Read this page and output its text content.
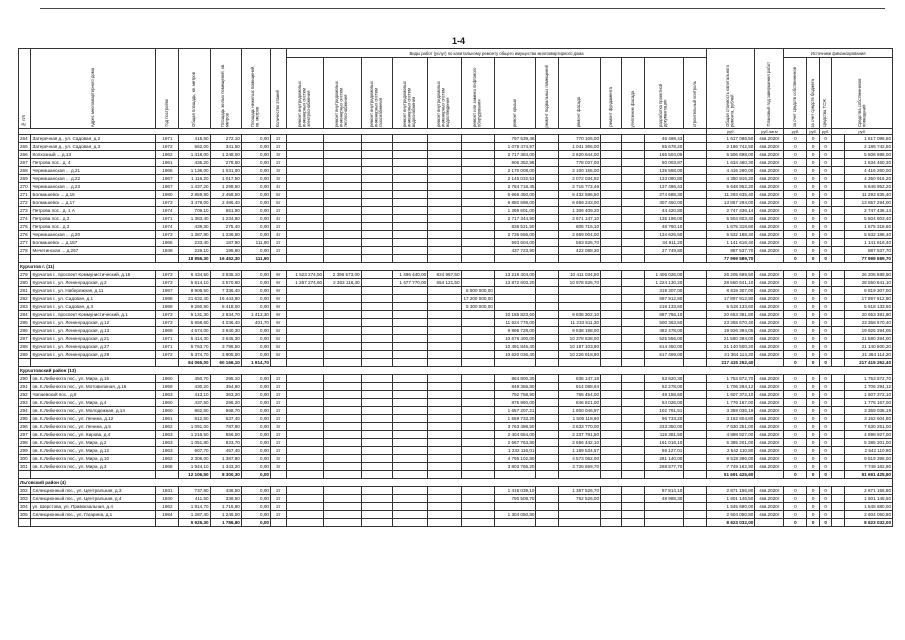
1-4
№ п/п	Адрес многоквартирного дома	Год постройки	Общая площадь, кв. метров	Площадь жилых помещений, кв. метров	Площадь нежилых помещений, кв. метров	Количество этажей	Виды работ (услуг) по капитальному ремонту общего имущества многоквартирного дома													Общая стоимость капитального ремонта, рублей	Плановый год завершения работ	Источники финансирования				
							ремонт внутридомовых инженерных систем электроснабжения	ремонт внутридомовых инженерных систем теплоснабжения	ремонт внутридомовых инженерных систем газоснабжения	ремонт внутридомовых инженерных систем водоснабжения	ремонт внутридомовых инженерных систем водоотведения	ремонт или замена лифтового оборудования	ремонт крыши	ремонт подвальных помещений	ремонт фасада	ремонт фундамента	утепление фасада	разработка проектной документации	строительный контроль			за счет средств собственников	за счет средств бюджета	средства ТСЖ	Средства собственников помещений	
																				руб.	руб./кв.м	руб.	руб.	руб.	руб.	
264	Затеречная д., ул. Садовая, д.2	1971	415,60	272,10	0,00	2г							797 539,48		770 106,00			46 498,43		1 617 086,50	4кв.2020г	0	0	0		1 617 096,50
265	Затеречная д., ул. Садовая, д.3	1972	562,00	341,50	0,00	2г							1 079 474,97		1 041 366,00			65 678,20		2 186 742,50	4кв.2020г	0	0	0		2 186 742,50
266	Колхозный ... д.13	1962	1 418,00	1 248,00	0,00	3г							2 717 384,00		2 620 644,00			166 504,05		5 506 698,00	4кв.2020г	0	0	0		5 506 698,00
267	Петрова пос., д. 4	1961	435,20	278,60	0,00	2г							806 352,98		778 037,00			50 003,87		1 634 460,30	4кв.2020г	0	0	0		1 634 460,30
268	Черемшанская ... д.21	1966	1 136,00	1 031,00	0,00	3г							2 170 008,00		2 100 155,00			135 568,00		4 416 260,00	4кв.2020г	0	0	0		4 416 260,00
269	Черемшанская ... д.22	1967	1 116,20	1 017,50	0,00	3г							2 145 032,53		2 072 034,92			133 080,80		4 350 916,20	4кв.2020г	0	0	0		4 350 916,20
270	Черемшанская ... д.23	1967	1 437,20	1 299,50	0,00	4г							2 784 718,45		2 716 772,46			137 486,43		5 648 952,20	4кв.2020г	0	0	0		5 648 952,20
271	Болмашевск ... д.15	1980	2 859,90	2 458,50	0,00	5г							5 666 450,00		5 432 586,50			274 688,30		11 293 635,40	4кв.2020г	0	0	0		11 293 635,40
272	Болмашевск ... д.17	1973	3 479,00	2 486,40	0,00	5г							6 880 598,00		6 669 243,00			307 450,00		13 857 294,00	4кв.2020г	0	0	0		13 857 294,00
273	Петрова пос., д. 1 А	1974	706,10	651,90	0,00	2г							1 395 601,00		1 306 409,20			44 420,80		2 747 436,14	4кв.2020г	0	0	0		2 747 436,14
274	Петрова пос., д.2	1971	1 383,40	1 234,80	0,00	4г							2 717 344,90		2 671 147,10			135 198,00		5 504 603,40	4кв.2020г	0	0	0		5 504 603,40
275	Петрова пос., д.3	1974	439,30	275,40	0,00	2г							836 521,50		805 715,10			48 760,10		1 675 318,60	4кв.2020г	0	0	0		1 675 318,60
276	Черемшанская ... д.20	1973	1 387,90	1 236,60	0,00	4г							2 736 556,00		2 659 004,00			134 626,50		5 532 188,40	4кв.2020г	0	0	0		5 532 188,40
277	Болмашевск ... д.187	1965	233,40	187,90	111,90	2г							593 604,00		563 626,70			34 811,20		1 141 616,40	4кв.2020г	0	0	0		1 141 616,40
278	Мечетинская ... д.267	1939	226,10	195,60	0,00	2г							437 723,90		422 088,30			27 749,80		887 537,70	4кв.2020г	0	0	0		887 537,70
			18 855,30	16 452,30	111,90															77 999 589,70		0	0	0		77 999 589,70
Курчатов г. (11)																										
279	Курчатов г., проспект Коммунистический, д.15	1973	6 434,50	3 635,10	0,00	9г	1 523 274,50	2 396 573,00		1 496 440,00	824 967,50		13 216 404,00		10 411 034,50			1 406 026,00		26 205 689,50	4кв.2020г	0	0	0		26 205 689,50
280	Курчатов г., ул. Ленинградская, д.2	1973	5 814,10	3 570,60	0,00	9г	1 257 274,60	2 363 118,40		1 477 770,00	654 121,50		13 872 603,20		10 978 626,70			1 224 130,20		28 550 641,10	4кв.2020г	0	0	0		28 550 641,10
281	Курчатов г., ул. Набережная, д.11	1987	8 906,50	7 336,40	0,00	9г						8 500 000,00						319 307,00		8 819 307,00	4кв.2020г	0	0	0		8 819 307,00
282	Курчатов г., ул. Садовая, д.1	1988	21 632,40	16 443,80	0,00	9г						17 200 000,00						697 912,80		17 897 912,80	4кв.2020г	0	0	0		17 897 912,80
283	Курчатов г., ул. Садовая, д.3	1989	9 260,90	8 418,00	0,00	9г						5 300 000,00						218 133,60		5 518 133,60	4кв.2020г	0	0	0		5 518 133,60
284	Курчатов г., проспект Коммунистический, д.1	1973	5 131,30	2 834,70	1 413,30	9г							10 185 823,60		9 836 302,10			687 756,10		20 653 381,80	4кв.2020г	0	0	0		20 653 381,80
285	Курчатов г., ул. Ленинградская, д.12	1973	5 658,60	4 036,40	401,70	9г							11 624 776,00		11 233 511,30			500 363,50		23 358 670,40	4кв.2020г	0	0	0		23 358 670,40
286	Курчатов г., ул. Ленинградская, д.13	1969	4 674,00	3 640,30	0,00	5г							9 896 728,00		9 538 198,00			482 478,00		19 926 394,05	4кв.2020г	0	0	0		19 926 394,05
287	Курчатов г., ул. Ленинградская, д.21	1971	5 414,30	3 645,30	0,00	5г							10 676 400,00		10 378 638,00			525 556,00		21 580 394,00	4кв.2020г	0	0	0		21 580 394,00
288	Курчатов г., ул. Ленинградская, д.27	1971	5 763,70	3 796,50	0,00	5г							10 491 845,40		10 187 103,80			514 450,00		21 140 500,20	4кв.2020г	0	0	0		21 140 500,20
289	Курчатов г., ул. Ленинградская, д.29	1972	5 374,70	3 805,00	0,00	5г							10 620 036,40		10 226 918,80			517 469,00		21 364 114,20	4кв.2020г	0	0	0		21 364 114,20
			84 065,00	60 166,10	1 914,70															217 415 252,40		0	0	0		217 415 252,40
Курчатовский район (13)																										
290	ов. К.Либкнехта пос., ул. Мира, д.16	1960	450,70	295,10	0,00	2г							864 800,30		836 147,16			53 620,30		1 753 672,70	4кв.2020г	0	0	0		1 753 672,70
291	ов. К.Либкнехта пос., ул. Мотовилиная, д.16	1959	430,20	354,60	0,00	2г							849 356,80		814 088,94			52 278,00		1 706 294,12	4кв.2020г	0	0	0		1 706 294,12
292	Чапаевский пос., д.8	1963	413,10	363,20	0,00	2г							792 758,90		765 454,00			49 158,60		1 607 372,10	4кв.2020г	0	0	0		1 607 372,10
293	ов. К.Либкнехта пос., ул. Мира, д.4	1960	437,50	296,20	0,00	2г							875 960,00		846 821,00			54 026,00		1 776 167,00	4кв.2020г	0	0	0		1 776 167,00
294	ов. К.Либкнехта пос., ул. Молодежная, д.14	1960	852,60	568,70	0,00	2г							1 657 207,21		1 600 046,97			102 781,51		3 359 035,19	4кв.2020г	0	0	0		3 359 035,19
295	ов. К.Либкнехта пос., ул. Ленина, д.12	1961	812,60	537,40	0,00	2г							1 559 733,20		1 506 118,60			96 733,20		3 162 604,80	4кв.2020г	0	0	0		3 162 604,80
296	ов. К.Либкнехта пос., ул. Ленина, д.5	1962	1 091,00	787,60	0,00	3г							3 763 498,50		3 633 770,00			233 350,00		7 630 251,00	4кв.2020г	0	0	0		7 630 251,00
297	ов. К.Либкнехта пос., ул. Кирова, д.4	1963	1 216,50	556,00	0,00	2г							2 404 654,00		2 337 781,50			116 381,50		4 898 927,00	4кв.2020г	0	0	0		4 898 927,00
298	ов. К.Либкнехта пос., ул. Мира, д.2	1963	1 051,80	823,70	0,00	2г							2 667 763,80		2 556 442,10			161 016,10		5 385 201,00	4кв.2020г	0	0	0		5 385 201,00
299	ов. К.Либкнехта пос., ул. Мира, д.12	1963	607,70	457,40	0,00	2г							1 232 116,01		1 189 534,57			66 127,01		2 542 110,80	4кв.2020г	0	0	0		2 542 110,80
300	ов. К.Либкнехта пос., ул. Мира, д.10	1962	2 306,00	1 387,80	0,00	3г							4 795 102,80		4 573 062,00			281 140,00		9 519 396,00	4кв.2020г	0	0	0		9 519 396,00
301	ов. К.Либкнехта пос., ул. Мира, д.3	1968	1 944,10	1 343,20	0,00	3г							3 803 765,20		3 726 659,70			268 577,70		7 749 162,90	4кв.2020г	0	0	0		7 749 162,90
			12 106,50	8 300,30	0,00															51 691 425,60		0	0	0		51 691 425,60
Льговский район (4)																										
302	Селекционный пос., ул. Центральная, д.3	1931	737,80	436,50	0,00	2г							1 416 039,10		1 367 526,70			87 814,10		2 871 156,80	4кв.2020г	0	0	0		2 871 156,80
303	Селекционный пос., ул. Центральная, д.4	1930	411,50	339,50	0,00	2г							790 508,70		762 526,00			48 988,30		1 601 146,50	4кв.2020г	0	0	0		1 601 146,50
304	ул. Шерстова, ул. Привокзальная, д.4	1962	1 914,70	1 716,80	0,00	2г														1 545 680,00	4кв.2020г	0	0	0		1 545 680,00
305	Селекционный пос., ул. Гагарина, д.1	1984	1 287,40	1 246,00	0,00	2г							1 304 050,80							2 604 050,80	4кв.2020г	0	0	0		2 604 050,80
			5 925,30	1 786,80	0,00															8 623 032,00		0	0	0		8 623 032,00
